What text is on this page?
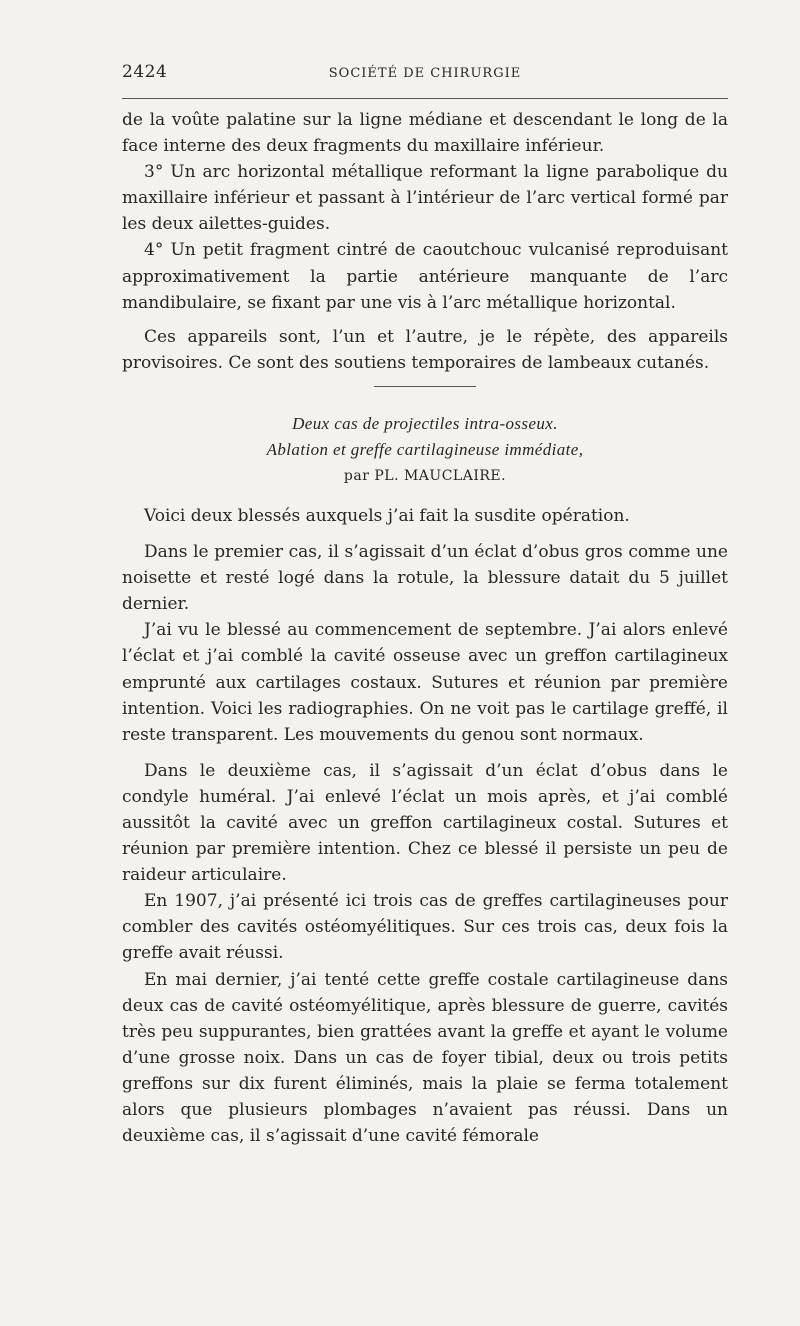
2424	SOCIÉTÉ DE CHIRURGIE

de la voûte palatine sur la ligne médiane et descendant le long de la face interne des deux fragments du maxillaire inférieur.

3° Un arc horizontal métallique reformant la ligne parabolique du maxillaire inférieur et passant à l’intérieur de l’arc vertical formé par les deux ailettes-guides.

4° Un petit fragment cintré de caoutchouc vulcanisé reproduisant approximativement la partie antérieure manquante de l’arc mandibulaire, se fixant par une vis à l’arc métallique horizontal.

Ces appareils sont, l’un et l’autre, je le répète, des appareils provisoires. Ce sont des soutiens temporaires de lambeaux cutanés.

Deux cas de projectiles intra-osseux.
Ablation et greffe cartilagineuse immédiate,
par PL. MAUCLAIRE.

Voici deux blessés auxquels j’ai fait la susdite opération.

Dans le premier cas, il s’agissait d’un éclat d’obus gros comme une noisette et resté logé dans la rotule, la blessure datait du 5 juillet dernier.

J’ai vu le blessé au commencement de septembre. J’ai alors enlevé l’éclat et j’ai comblé la cavité osseuse avec un greffon cartilagineux emprunté aux cartilages costaux. Sutures et réunion par première intention. Voici les radiographies. On ne voit pas le cartilage greffé, il reste transparent. Les mouvements du genou sont normaux.

Dans le deuxième cas, il s’agissait d’un éclat d’obus dans le condyle huméral. J’ai enlevé l’éclat un mois après, et j’ai comblé aussitôt la cavité avec un greffon cartilagineux costal. Sutures et réunion par première intention. Chez ce blessé il persiste un peu de raideur articulaire.

En 1907, j’ai présenté ici trois cas de greffes cartilagineuses pour combler des cavités ostéomyélitiques. Sur ces trois cas, deux fois la greffe avait réussi.

En mai dernier, j’ai tenté cette greffe costale cartilagineuse dans deux cas de cavité ostéomyélitique, après blessure de guerre, cavités très peu suppurantes, bien grattées avant la greffe et ayant le volume d’une grosse noix. Dans un cas de foyer tibial, deux ou trois petits greffons sur dix furent éliminés, mais la plaie se ferma totalement alors que plusieurs plombages n’avaient pas réussi. Dans un deuxième cas, il s’agissait d’une cavité fémorale
